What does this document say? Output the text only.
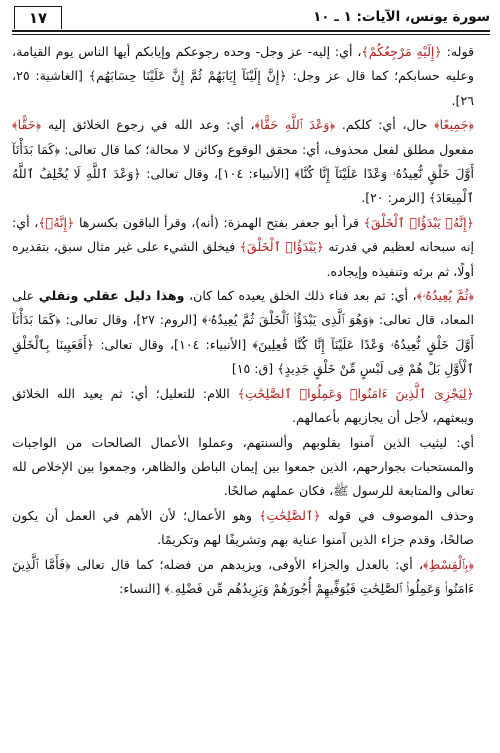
سورة يونس، الآيات: ١ ـ ١٠
١٧

قوله: ﴿إِلَيْهِ مَرْجِعُكُمْ﴾، أي: إليه- عز وجل- وحده رجوعكم وإيابكم أيها الناس يوم القيامة، وعليه حسابكم؛ كما قال عز وجل: ﴿إِنَّ إِلَيْنَآ إِيَابَهُمْ ثُمَّ إِنَّ عَلَيْنَا حِسَابَهُم﴾ [الغاشية: ٢٥، ٢٦].

﴿جَمِيعًا﴾ حال، أي: كلكم. ﴿وَعْدَ ٱللَّهِ حَقًّا﴾، أي: وعد الله في رجوع الخلائق إليه ﴿حَقًّا﴾ مفعول مطلق لفعل محذوف، أي: محقق الوقوع وكائن لا محالة؛ كما قال تعالى: ﴿كَمَا بَدَأْنَآ أَوَّلَ خَلْقٍ نُّعِيدُهُۥ وَعْدًا عَلَيْنَآ إِنَّا كُنَّا﴾ [الأنبياء: ١٠٤]، وقال تعالى: ﴿وَعْدَ ٱللَّهِ لَا يُخْلِفُ ٱللَّهُ ٱلْمِيعَادَ﴾ [الزمر: ٢٠].

﴿إِنَّهُۥ يَبْدَؤُا۟ ٱلْخَلْقَ﴾ قرأ أبو جعفر بفتح الهمزة: (أنه)، وقرأ الباقون بكسرها ﴿إِنَّهُۥ﴾، أي: إنه سبحانه لعظيم في قدرته ﴿يَبْدَؤُا۟ ٱلْخَلْقَ﴾ فيخلق الشيء على غير مثال سبق، بتقديره أولًا، ثم برئه وتنفيذه وإيجاده.

﴿ثُمَّ يُعِيدُهُۥ﴾، أي: ثم بعد فناء ذلك الخلق يعيده كما كان، وهذا دليل عقلي ونقلي على المعاد، قال تعالى: ﴿وَهُوَ ٱلَّذِى يَبْدَؤُا۟ ٱلْخَلْقَ ثُمَّ يُعِيدُهُۥ﴾ [الروم: ٢٧]، وقال تعالى: ﴿كَمَا بَدَأْنَآ أَوَّلَ خَلْقٍ نُّعِيدُهُۥ وَعْدًا عَلَيْنَآ إِنَّا كُنَّا فَٰعِلِينَ﴾ [الأنبياء: ١٠٤]، وقال تعالى: ﴿أَفَعَيِينَا بِٱلْخَلْقِ ٱلْأَوَّلِ بَلْ هُمْ فِى لَبْسٍ مِّنْ خَلْقٍ جَدِيدٍ﴾ [ق: ١٥]

﴿لِيَجْزِىَ ٱلَّذِينَ ءَامَنُوا۟ وَعَمِلُوا۟ ٱلصَّٰلِحَٰتِ﴾ اللام: للتعليل؛ أي: ثم يعيد الله الخلائق ويبعثهم، لأجل أن يجازيهم بأعمالهم.

أي: ليثيب الذين آمنوا بقلوبهم وألسنتهم، وعملوا الأعمال الصالحات من الواجبات والمستحبات بجوارحهم، الذين جمعوا بين إيمان الباطن والظاهر، وجمعوا بين الإخلاص لله تعالى والمتابعة للرسول ﷺ، فكان عملهم صالحًا.

وحذف الموصوف في قوله ﴿ٱلصَّٰلِحَٰتِ﴾ وهو الأعمال؛ لأن الأهم في العمل أن يكون صالحًا، وقدم جزاء الذين آمنوا عناية بهم وتشريفًا لهم وتكريمًا.

﴿بِٱلْقِسْطِ﴾، أي: بالعدل والجزاء الأوفى، ويزيدهم من فضله؛ كما قال تعالى ﴿فَأَمَّا ٱلَّذِينَ ءَامَنُوا۟ وَعَمِلُوا۟ ٱلصَّٰلِحَٰتِ فَيُوَفِّيهِمْ أُجُورَهُمْ وَيَزِيدُهُم مِّن فَضْلِهِۦ﴾ [النساء:
